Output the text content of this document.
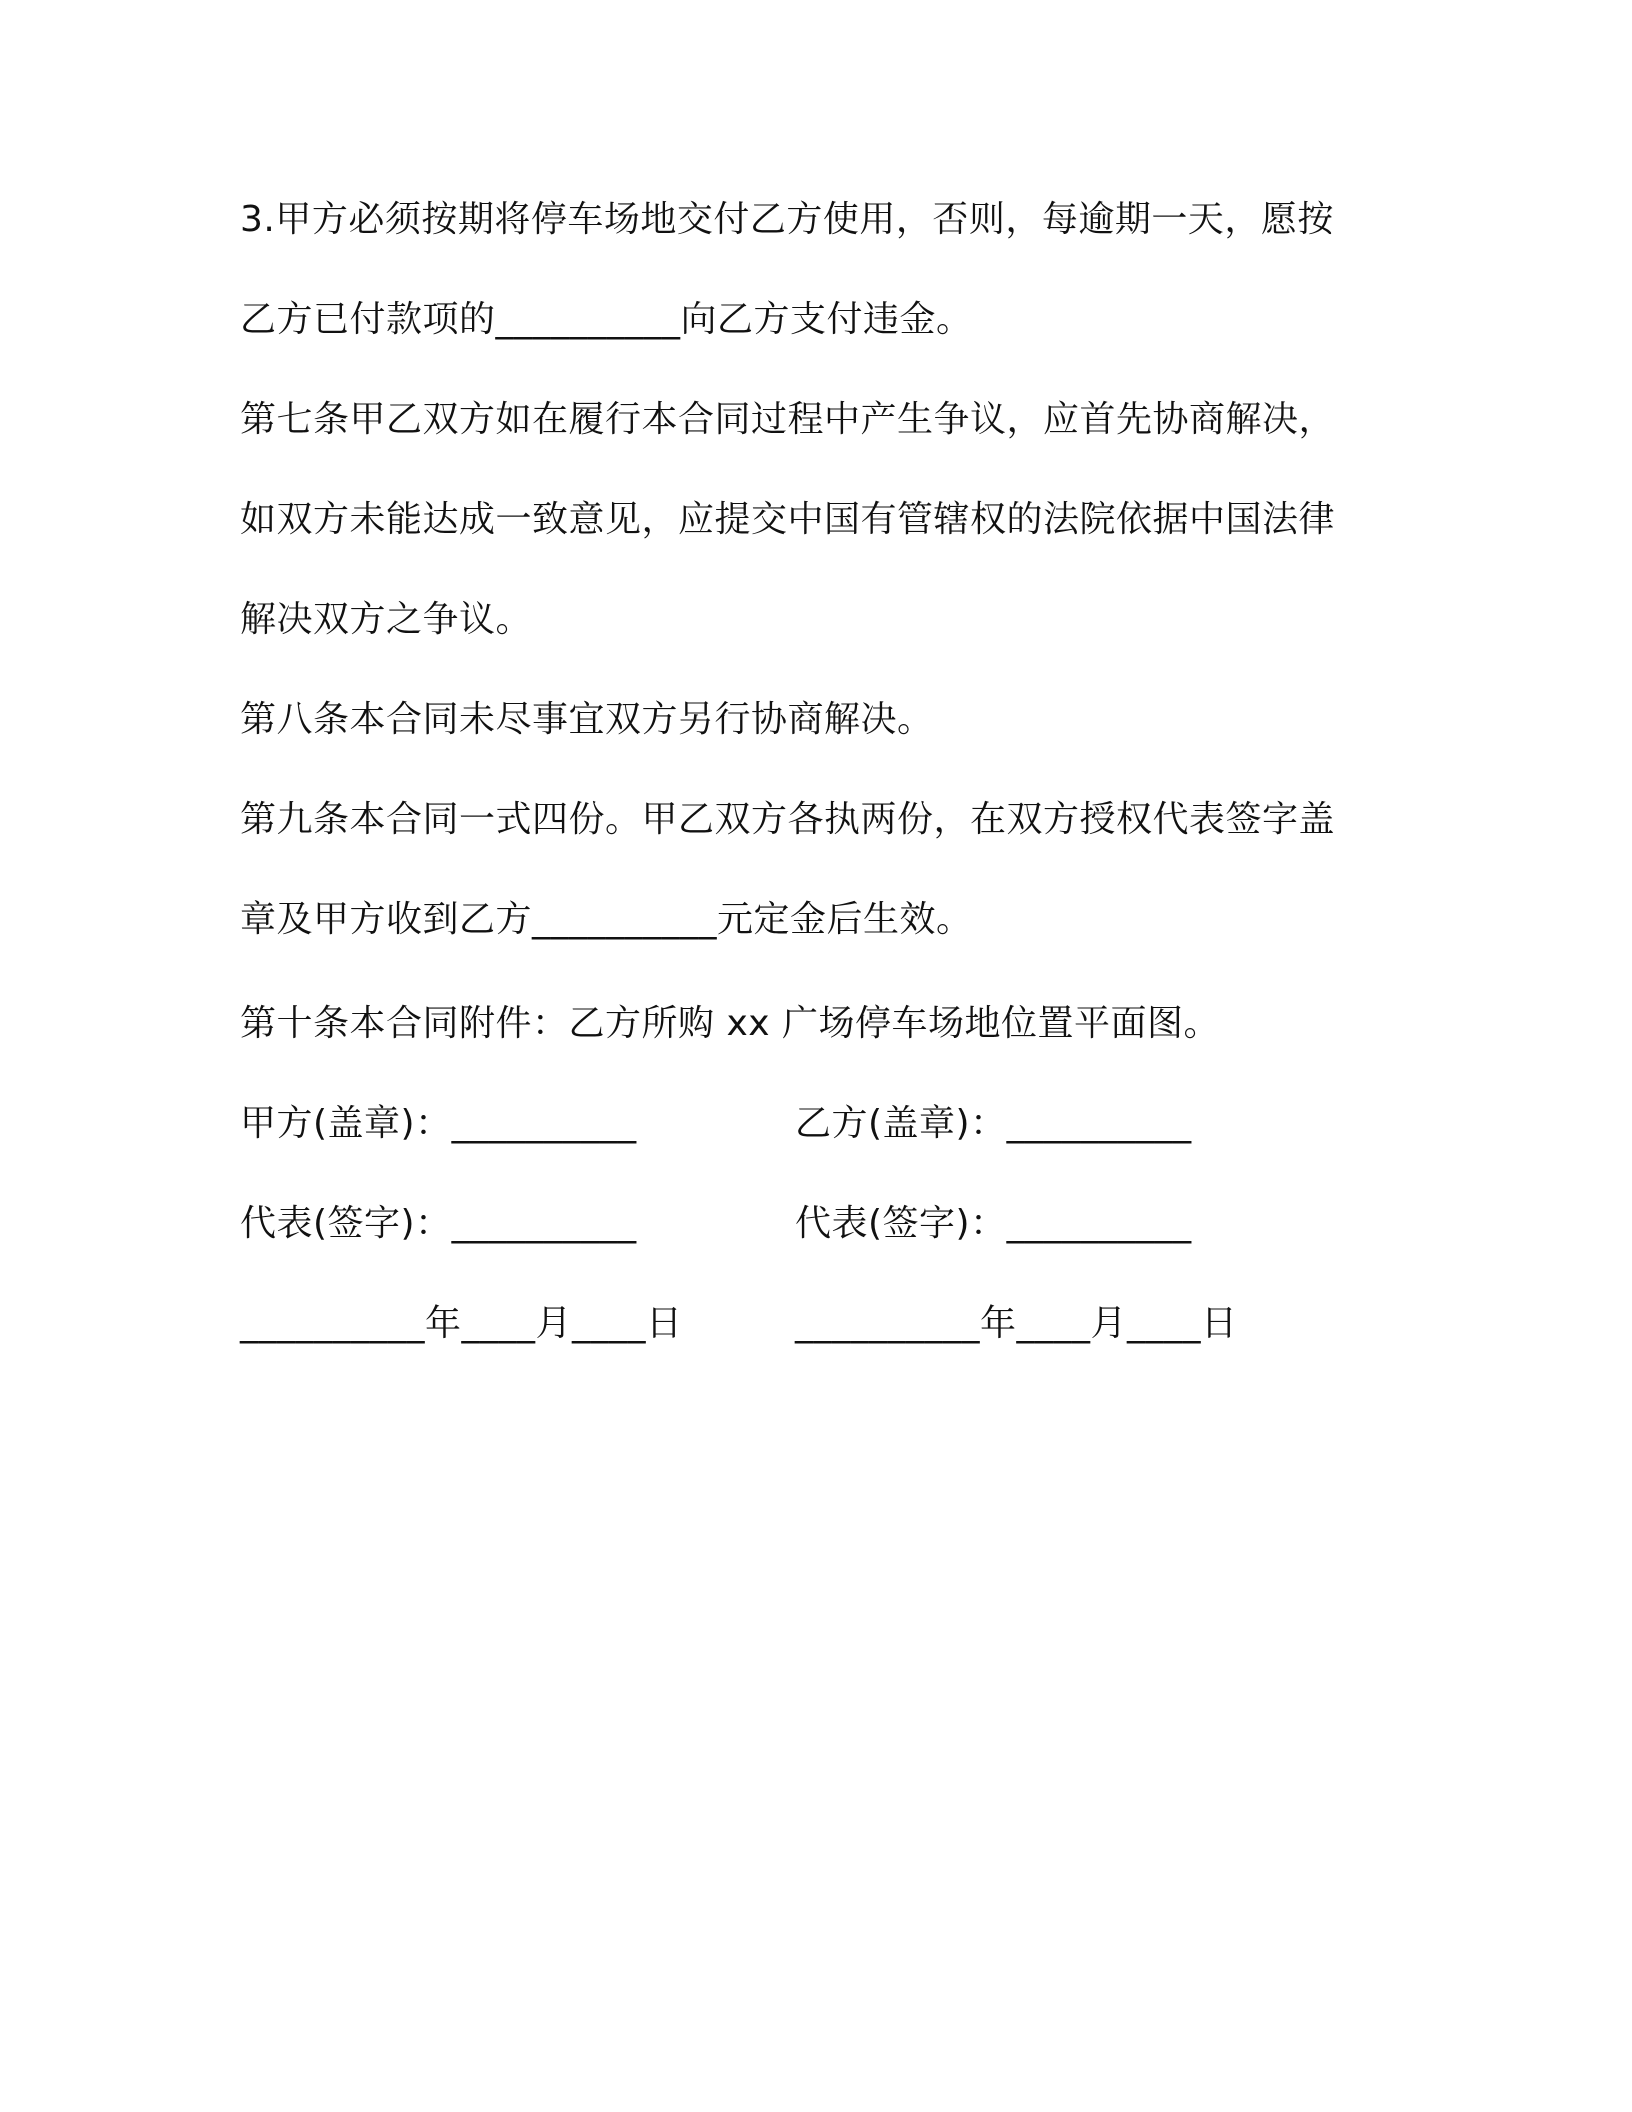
3.甲方必须按期将停车场地交付乙方使用，否则，每逾期一天，愿按
乙方已付款项的__________向乙方支付违金。
第七条甲乙双方如在履行本合同过程中产生争议，应首先协商解决，
如双方未能达成一致意见，应提交中国有管辖权的法院依据中国法律
解决双方之争议。
第八条本合同未尽事宜双方另行协商解决。
第九条本合同一式四份。甲乙双方各执两份，在双方授权代表签字盖
章及甲方收到乙方__________元定金后生效。
第十条本合同附件：乙方所购 xx 广场停车场地位置平面图。
甲方(盖章)：__________	乙方(盖章)：__________
代表(签字)：__________	代表(签字)：__________
__________年____月____日	__________年____月____日
